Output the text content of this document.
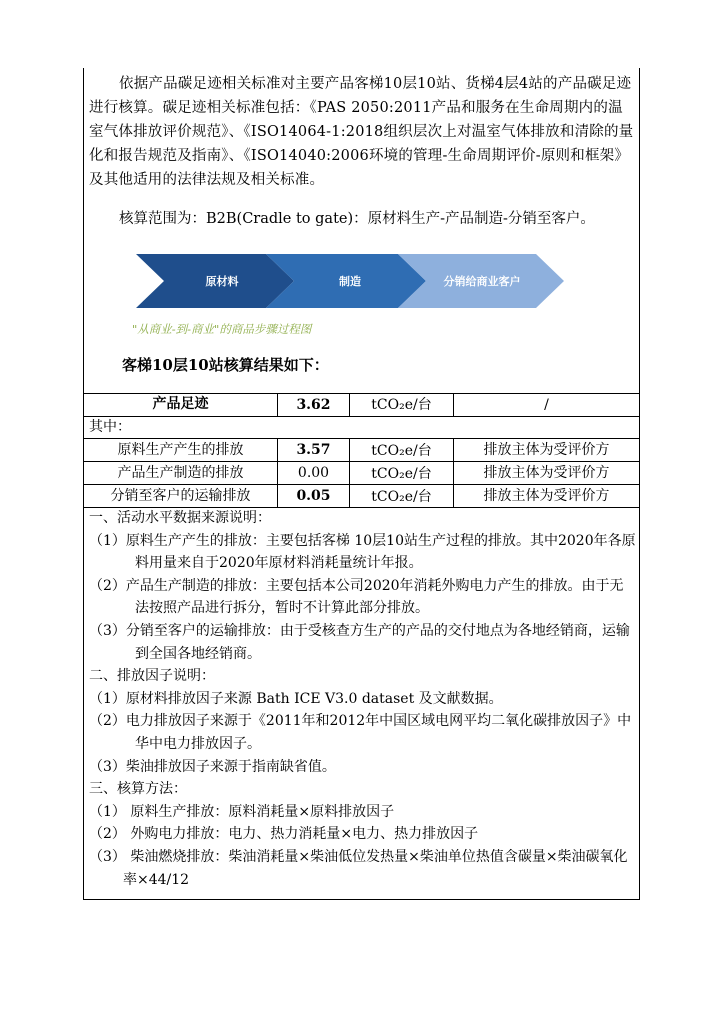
依据产品碳足迹相关标准对主要产品客梯10层10站、货梯4层4站的产品碳足迹进行核算。碳足迹相关标准包括：《PAS 2050:2011产品和服务在生命周期内的温室气体排放评价规范》、《ISO14064-1:2018组织层次上对温室气体排放和清除的量化和报告规范及指南》、《ISO14040:2006环境的管理-生命周期评价-原则和框架》及其他适用的法律法规及相关标准。

核算范围为：B2B(Cradle to gate)：原材料生产-产品制造-分销至客户。

原材料	制造	分销给商业客户
"从商业-到-商业"的商品步骤过程图
客梯10层10站核算结果如下：
产品足迹	3.62	tCO₂e/台	/
其中：
原料生产产生的排放	3.57	tCO₂e/台	排放主体为受评价方
产品生产制造的排放	0.00	tCO₂e/台	排放主体为受评价方
分销至客户的运输排放	0.05	tCO₂e/台	排放主体为受评价方
一、活动水平数据来源说明：
（1）原料生产产生的排放：主要包括客梯 10层10站生产过程的排放。其中2020年各原料用量来自于2020年原材料消耗量统计年报。
（2）产品生产制造的排放：主要包括本公司2020年消耗外购电力产生的排放。由于无法按照产品进行拆分，暂时不计算此部分排放。
（3）分销至客户的运输排放：由于受核查方生产的产品的交付地点为各地经销商，运输到全国各地经销商。
二、排放因子说明：
（1）原材料排放因子来源 Bath ICE V3.0 dataset 及文献数据。
（2）电力排放因子来源于《2011年和2012年中国区域电网平均二氧化碳排放因子》中华中电力排放因子。
（3）柴油排放因子来源于指南缺省值。
三、核算方法：
（1） 原料生产排放：原料消耗量×原料排放因子
（2） 外购电力排放：电力、热力消耗量×电力、热力排放因子
（3） 柴油燃烧排放：柴油消耗量×柴油低位发热量×柴油单位热值含碳量×柴油碳氧化率×44/12
